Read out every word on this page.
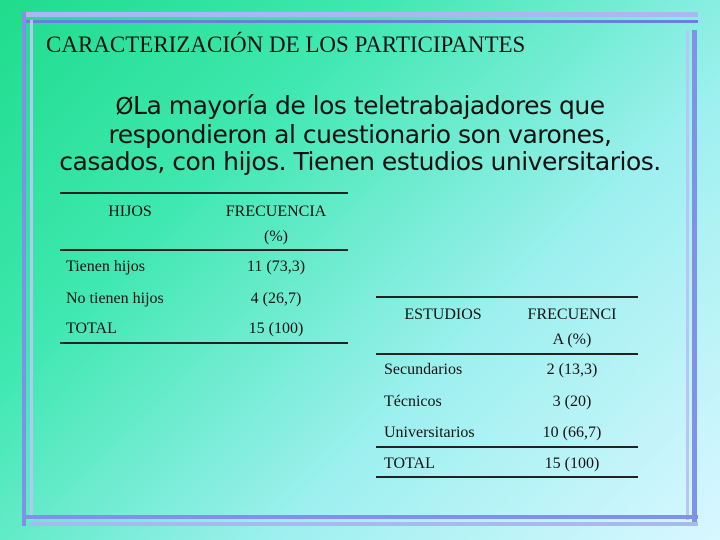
CARACTERIZACIÓN DE LOS PARTICIPANTES
ØLa mayoría de los teletrabajadores que
respondieron al cuestionario son varones,
casados, con hijos. Tienen estudios universitarios.
HIJOS	FRECUENCIA
(%)
Tienen hijos	11 (73,3)
No tienen hijos	4 (26,7)
TOTAL	15 (100)
ESTUDIOS	FRECUENCI
A (%)
Secundarios	2 (13,3)
Técnicos	3 (20)
Universitarios	10 (66,7)
TOTAL	15 (100)
